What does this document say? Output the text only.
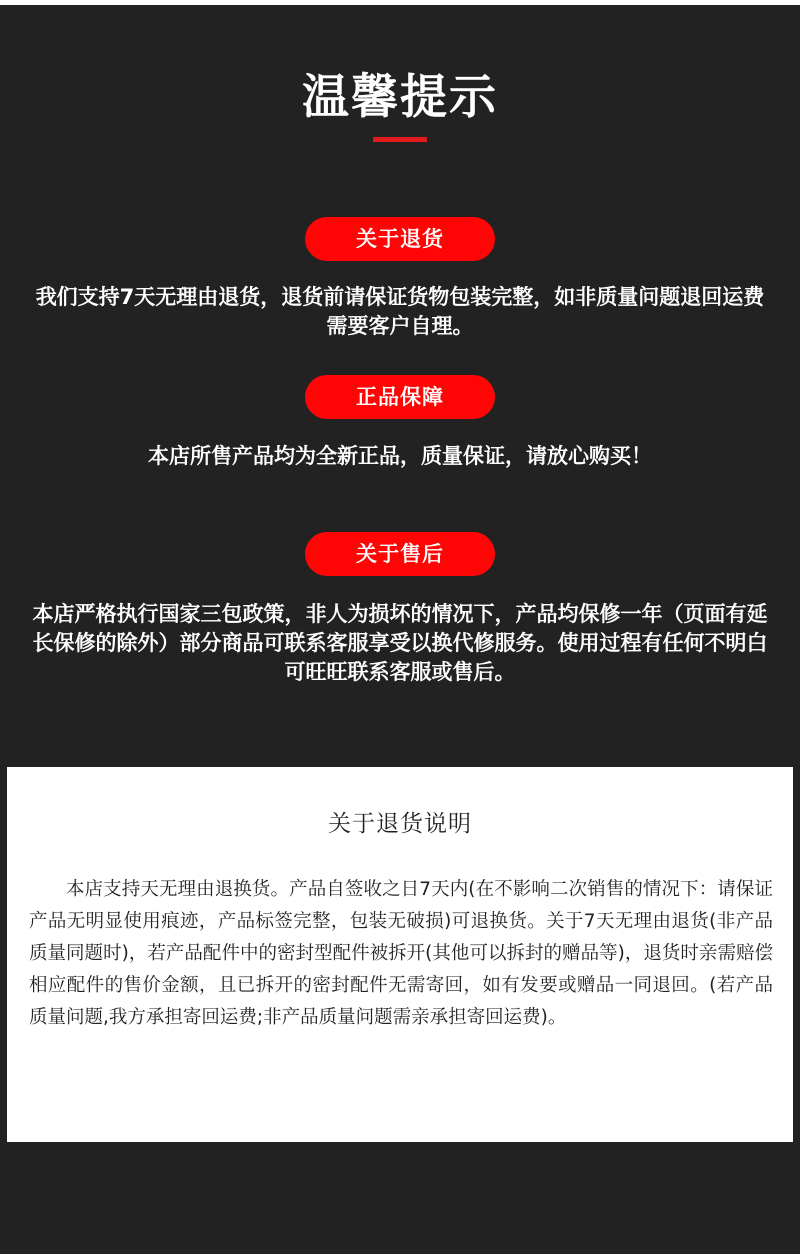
温馨提示
关于退货
我们支持7天无理由退货，退货前请保证货物包装完整，如非质量问题退回运费需要客户自理。
正品保障
本店所售产品均为全新正品，质量保证，请放心购买！
关于售后
本店严格执行国家三包政策，非人为损坏的情况下，产品均保修一年（页面有延长保修的除外）部分商品可联系客服享受以换代修服务。使用过程有任何不明白可旺旺联系客服或售后。
关于退货说明
本店支持天无理由退换货。产品自签收之日7天内(在不影响二次销售的情况下：请保证产品无明显使用痕迹，产品标签完整，包装无破损)可退换货。关于7天无理由退货(非产品质量同题时)，若产品配件中的密封型配件被拆开(其他可以拆封的赠品等)，退货时亲需赔偿相应配件的售价金额，且已拆开的密封配件无需寄回，如有发要或赠品一同退回。(若产品质量问题,我方承担寄回运费;非产品质量问题需亲承担寄回运费)。
